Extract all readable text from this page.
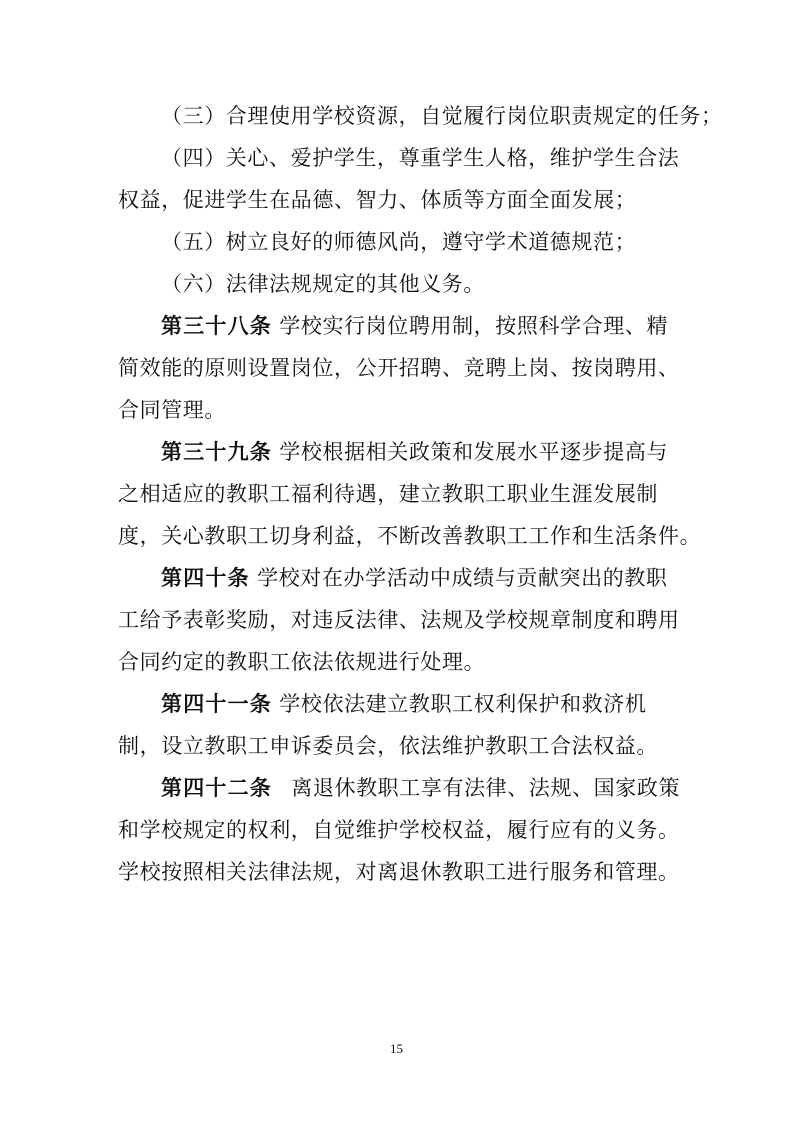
（三）合理使用学校资源，自觉履行岗位职责规定的任务；
（四）关心、爱护学生，尊重学生人格，维护学生合法
权益，促进学生在品德、智力、体质等方面全面发展；
（五）树立良好的师德风尚，遵守学术道德规范；
（六）法律法规规定的其他义务。
第三十八条 学校实行岗位聘用制，按照科学合理、精
简效能的原则设置岗位，公开招聘、竞聘上岗、按岗聘用、
合同管理。
第三十九条 学校根据相关政策和发展水平逐步提高与
之相适应的教职工福利待遇，建立教职工职业生涯发展制
度，关心教职工切身利益，不断改善教职工工作和生活条件。
第四十条 学校对在办学活动中成绩与贡献突出的教职
工给予表彰奖励，对违反法律、法规及学校规章制度和聘用
合同约定的教职工依法依规进行处理。
第四十一条 学校依法建立教职工权利保护和救济机
制，设立教职工申诉委员会，依法维护教职工合法权益。
第四十二条 离退休教职工享有法律、法规、国家政策
和学校规定的权利，自觉维护学校权益，履行应有的义务。
学校按照相关法律法规，对离退休教职工进行服务和管理。
15
